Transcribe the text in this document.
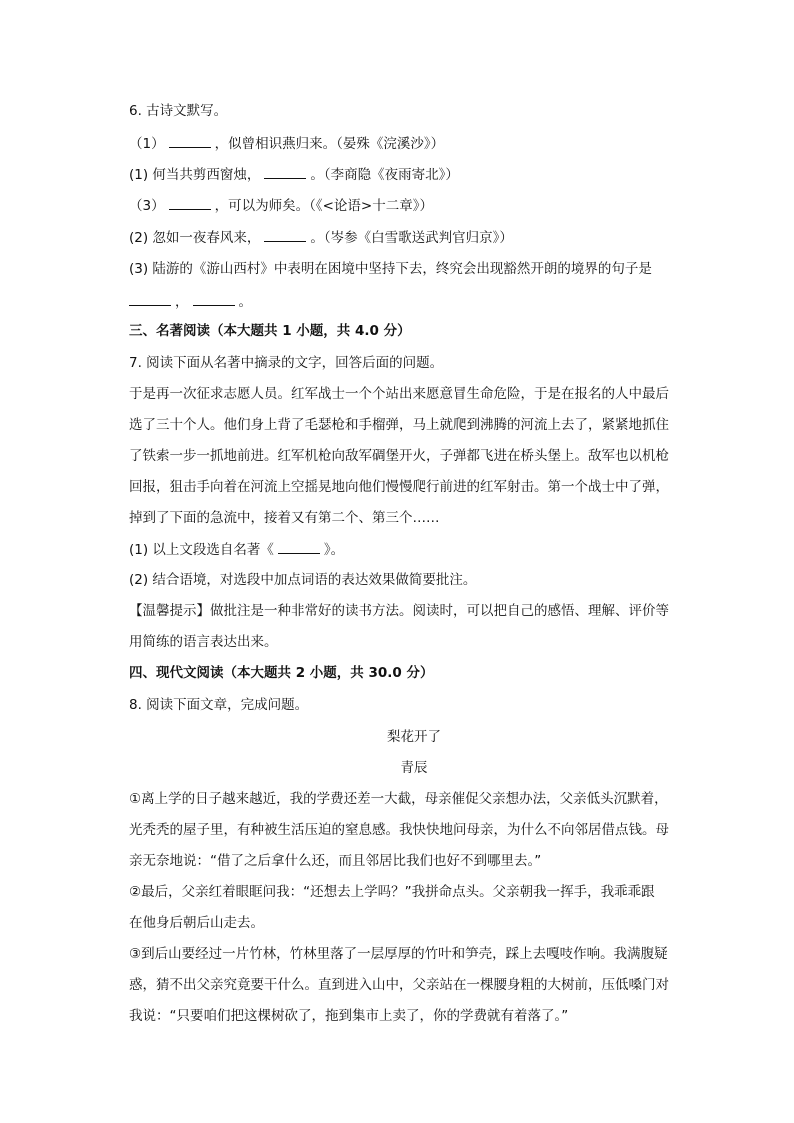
6. 古诗文默写。
（1）	，似曾相识燕归来。（晏殊《浣溪沙》）
(1) 何当共剪西窗烛，	。（李商隐《夜雨寄北》）
（3）	，可以为师矣。（《<论语>十二章》）
(2) 忽如一夜春风来，	。（岑参《白雪歌送武判官归京》）
(3) 陆游的《游山西村》中表明在困境中坚持下去，终究会出现豁然开朗的境界的句子是
，	。
三、名著阅读（本大题共 1 小题，共 4.0 分）
7. 阅读下面从名著中摘录的文字，回答后面的问题。
于是再一次征求志愿人员。红军战士一个个站出来愿意冒生命危险，于是在报名的人中最后
选了三十个人。他们身上背了毛瑟枪和手榴弹，马上就爬到沸腾的河流上去了，紧紧地抓住
了铁索一步一抓地前进。红军机枪向敌军碉堡开火，子弹都飞进在桥头堡上。敌军也以机枪
回报，狙击手向着在河流上空摇晃地向他们慢慢爬行前进的红军射击。第一个战士中了弹，
掉到了下面的急流中，接着又有第二个、第三个……
(1) 以上文段选自名著《	》。
(2) 结合语境，对选段中加点词语的表达效果做简要批注。
【温馨提示】做批注是一种非常好的读书方法。阅读时，可以把自己的感悟、理解、评价等
用简练的语言表达出来。
四、现代文阅读（本大题共 2 小题，共 30.0 分）
8. 阅读下面文章，完成问题。
梨花开了
青辰
①离上学的日子越来越近，我的学费还差一大截，母亲催促父亲想办法，父亲低头沉默着，
光秃秃的屋子里，有种被生活压迫的窒息感。我快快地问母亲，为什么不向邻居借点钱。母
亲无奈地说：“借了之后拿什么还，而且邻居比我们也好不到哪里去。”
②最后，父亲红着眼眶问我：“还想去上学吗？”我拼命点头。父亲朝我一挥手，我乖乖跟
在他身后朝后山走去。
③到后山要经过一片竹林，竹林里落了一层厚厚的竹叶和笋壳，踩上去嘎吱作响。我满腹疑
惑，猜不出父亲究竟要干什么。直到进入山中，父亲站在一棵腰身粗的大树前，压低嗓门对
我说：“只要咱们把这棵树砍了，拖到集市上卖了，你的学费就有着落了。”
